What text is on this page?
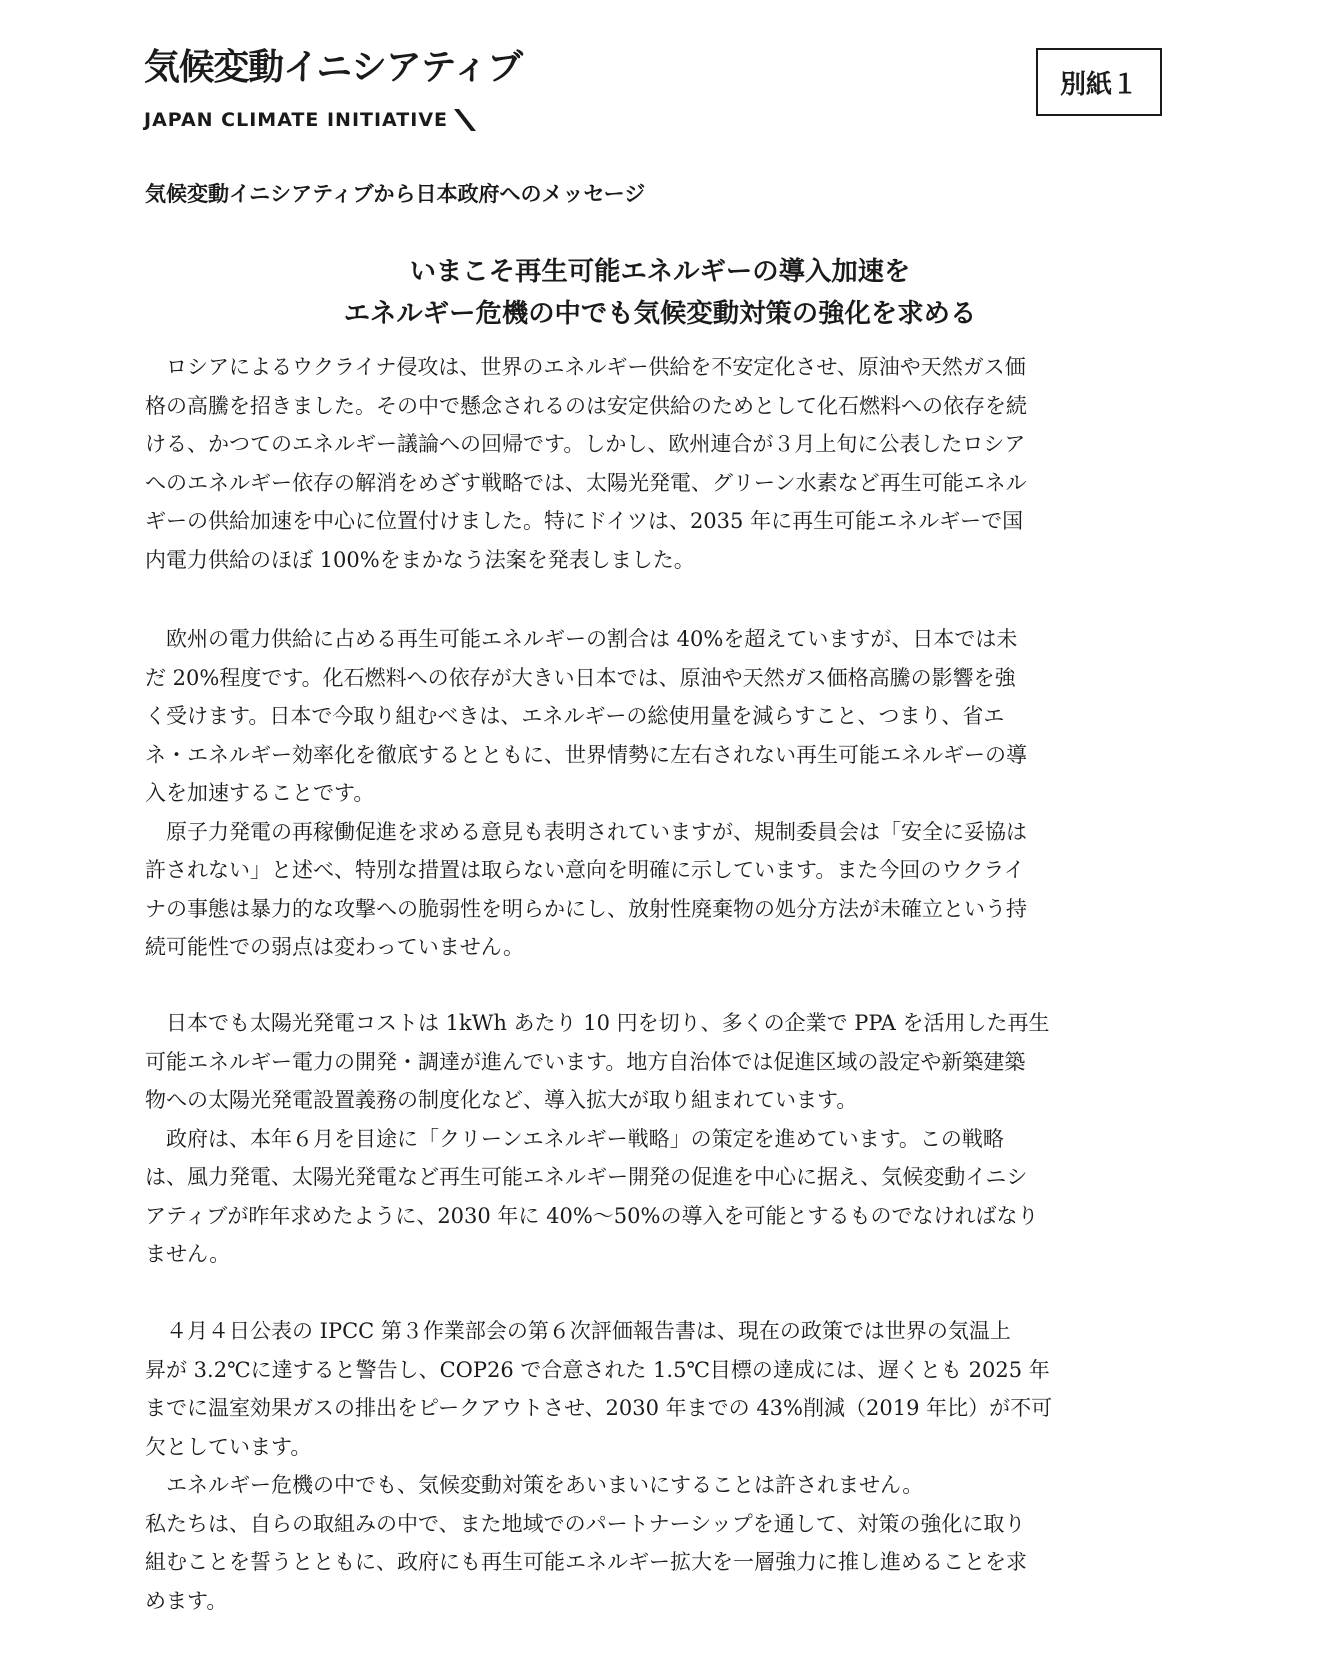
気候変動イニシアティブ
JAPAN CLIMATE INITIATIVE
別紙１
気候変動イニシアティブから日本政府へのメッセージ
いまこそ再生可能エネルギーの導入加速を
エネルギー危機の中でも気候変動対策の強化を求める

　ロシアによるウクライナ侵攻は、世界のエネルギー供給を不安定化させ、原油や天然ガス価

格の高騰を招きました。その中で懸念されるのは安定供給のためとして化石燃料への依存を続

ける、かつてのエネルギー議論への回帰です。しかし、欧州連合が３月上旬に公表したロシア

へのエネルギー依存の解消をめざす戦略では、太陽光発電、グリーン水素など再生可能エネル

ギーの供給加速を中心に位置付けました。特にドイツは、2035 年に再生可能エネルギーで国

内電力供給のほぼ 100%をまかなう法案を発表しました。

　欧州の電力供給に占める再生可能エネルギーの割合は 40%を超えていますが、日本では未

だ 20%程度です。化石燃料への依存が大きい日本では、原油や天然ガス価格高騰の影響を強

く受けます。日本で今取り組むべきは、エネルギーの総使用量を減らすこと、つまり、省エ

ネ・エネルギー効率化を徹底するとともに、世界情勢に左右されない再生可能エネルギーの導

入を加速することです。

　原子力発電の再稼働促進を求める意見も表明されていますが、規制委員会は「安全に妥協は

許されない」と述べ、特別な措置は取らない意向を明確に示しています。また今回のウクライ

ナの事態は暴力的な攻撃への脆弱性を明らかにし、放射性廃棄物の処分方法が未確立という持

続可能性での弱点は変わっていません。

　日本でも太陽光発電コストは 1kWh あたり 10 円を切り、多くの企業で PPA を活用した再生

可能エネルギー電力の開発・調達が進んでいます。地方自治体では促進区域の設定や新築建築

物への太陽光発電設置義務の制度化など、導入拡大が取り組まれています。

　政府は、本年６月を目途に「クリーンエネルギー戦略」の策定を進めています。この戦略

は、風力発電、太陽光発電など再生可能エネルギー開発の促進を中心に据え、気候変動イニシ

アティブが昨年求めたように、2030 年に 40%～50%の導入を可能とするものでなければなり

ません。

　４月４日公表の IPCC 第３作業部会の第６次評価報告書は、現在の政策では世界の気温上

昇が 3.2℃に達すると警告し、COP26 で合意された 1.5℃目標の達成には、遅くとも 2025 年

までに温室効果ガスの排出をピークアウトさせ、2030 年までの 43%削減（2019 年比）が不可

欠としています。

　エネルギー危機の中でも、気候変動対策をあいまいにすることは許されません。

私たちは、自らの取組みの中で、また地域でのパートナーシップを通して、対策の強化に取り

組むことを誓うとともに、政府にも再生可能エネルギー拡大を一層強力に推し進めることを求

めます。
